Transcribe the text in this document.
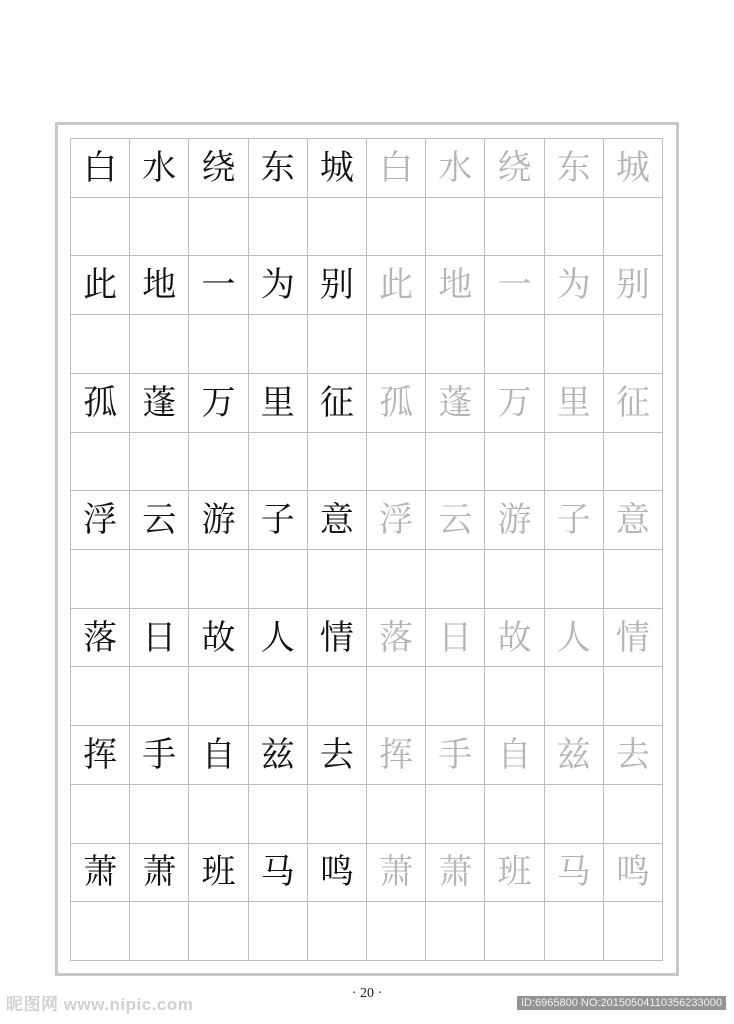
白 水 绕 东 城 白 水 绕 东 城
此 地 一 为 别 此 地 一 为 别
孤 蓬 万 里 征 孤 蓬 万 里 征
浮 云 游 子 意 浮 云 游 子 意
落 日 故 人 情 落 日 故 人 情
挥 手 自 兹 去 挥 手 自 兹 去
萧 萧 班 马 鸣 萧 萧 班 马 鸣
· 20 ·
昵图网 www.nipic.com	ID:6965800 NO:20150504110356233000
